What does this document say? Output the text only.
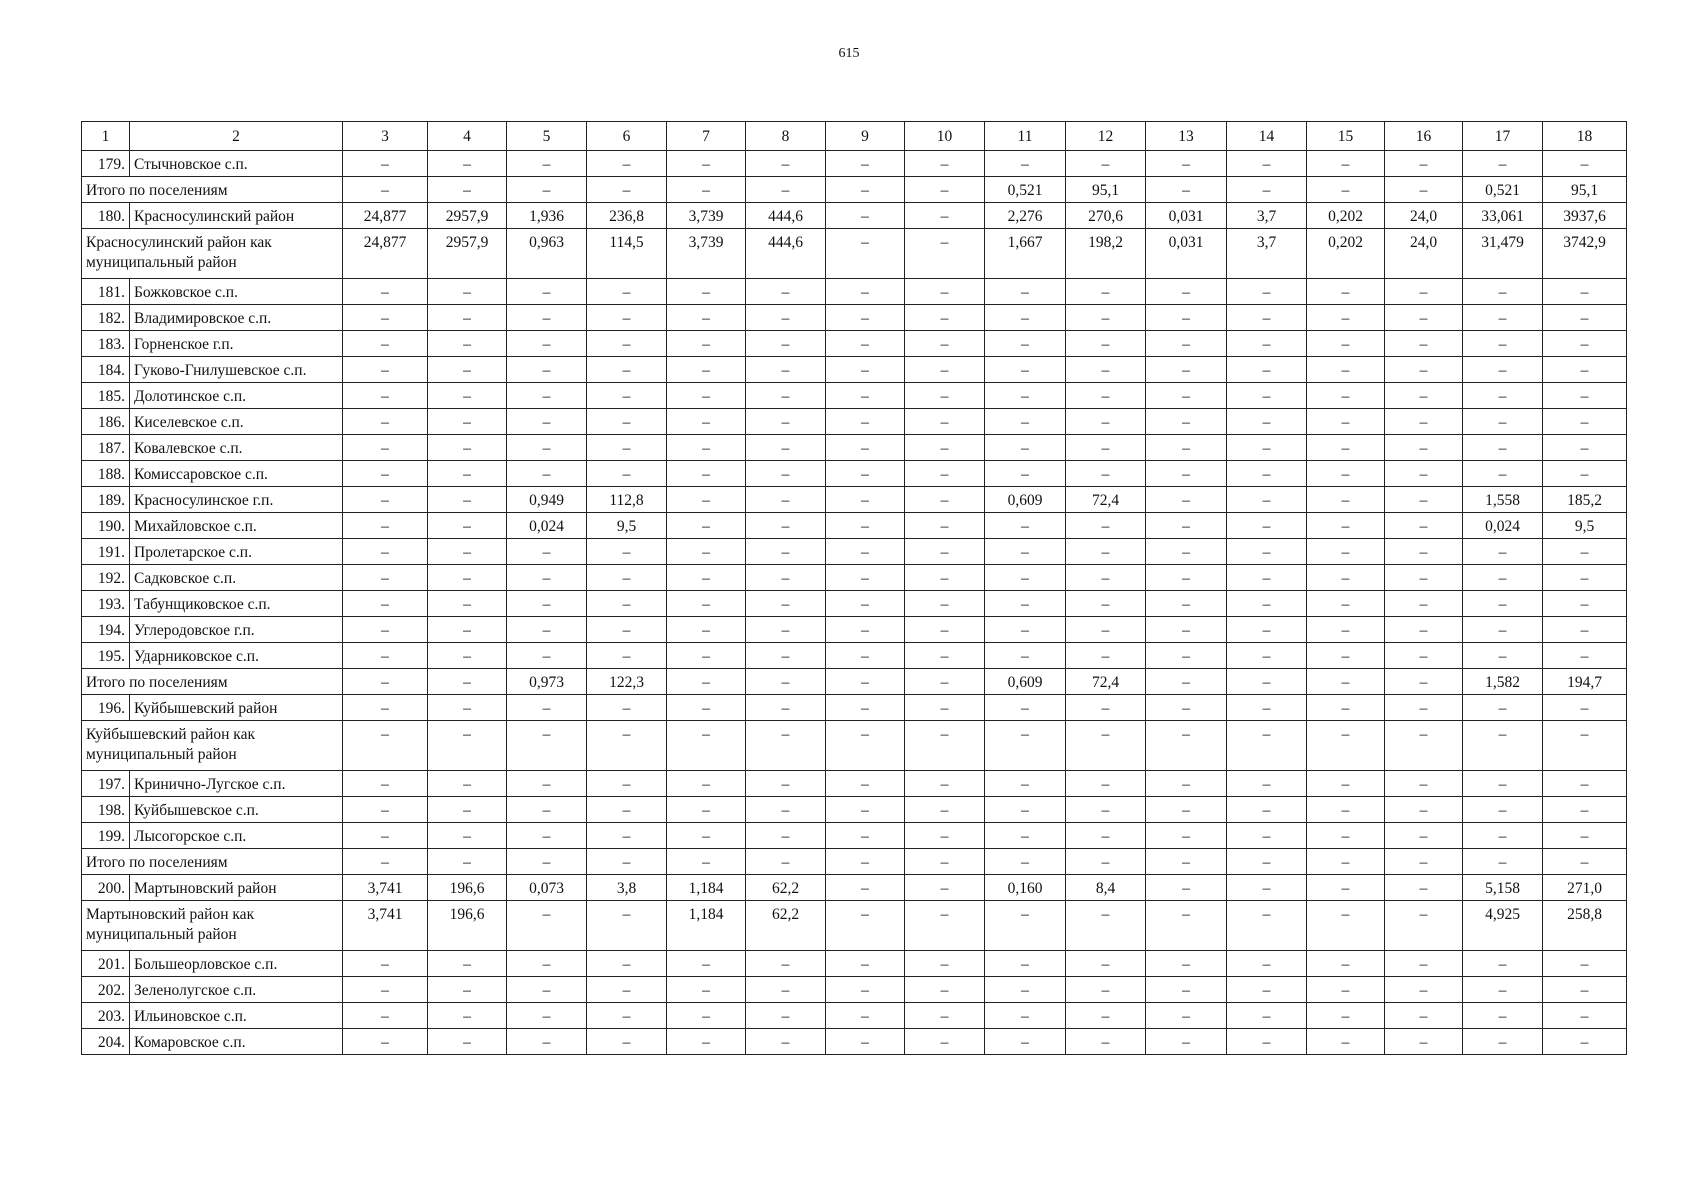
615
1	2	3	4	5	6	7	8	9	10	11	12	13	14	15	16	17	18
179.	Стычновское с.п.	–	–	–	–	–	–	–	–	–	–	–	–	–	–	–	–
Итого по поселениям		–	–	–	–	–	–	–	–	0,521	95,1	–	–	–	–	0,521	95,1
180.	Красносулинский район	24,877	2957,9	1,936	236,8	3,739	444,6	–	–	2,276	270,6	0,031	3,7	0,202	24,0	33,061	3937,6
Красносулинский район как муниципальный район		24,877	2957,9	0,963	114,5	3,739	444,6	–	–	1,667	198,2	0,031	3,7	0,202	24,0	31,479	3742,9
181.	Божковское с.п.	–	–	–	–	–	–	–	–	–	–	–	–	–	–	–	–
182.	Владимировское с.п.	–	–	–	–	–	–	–	–	–	–	–	–	–	–	–	–
183.	Горненское г.п.	–	–	–	–	–	–	–	–	–	–	–	–	–	–	–	–
184.	Гуково-Гнилушевское с.п.	–	–	–	–	–	–	–	–	–	–	–	–	–	–	–	–
185.	Долотинское с.п.	–	–	–	–	–	–	–	–	–	–	–	–	–	–	–	–
186.	Киселевское с.п.	–	–	–	–	–	–	–	–	–	–	–	–	–	–	–	–
187.	Ковалевское с.п.	–	–	–	–	–	–	–	–	–	–	–	–	–	–	–	–
188.	Комиссаровское с.п.	–	–	–	–	–	–	–	–	–	–	–	–	–	–	–	–
189.	Красносулинское г.п.	–	–	0,949	112,8	–	–	–	–	0,609	72,4	–	–	–	–	1,558	185,2
190.	Михайловское с.п.	–	–	0,024	9,5	–	–	–	–	–	–	–	–	–	–	0,024	9,5
191.	Пролетарское с.п.	–	–	–	–	–	–	–	–	–	–	–	–	–	–	–	–
192.	Садковское с.п.	–	–	–	–	–	–	–	–	–	–	–	–	–	–	–	–
193.	Табунщиковское с.п.	–	–	–	–	–	–	–	–	–	–	–	–	–	–	–	–
194.	Углеродовское г.п.	–	–	–	–	–	–	–	–	–	–	–	–	–	–	–	–
195.	Ударниковское с.п.	–	–	–	–	–	–	–	–	–	–	–	–	–	–	–	–
Итого по поселениям		–	–	0,973	122,3	–	–	–	–	0,609	72,4	–	–	–	–	1,582	194,7
196.	Куйбышевский район	–	–	–	–	–	–	–	–	–	–	–	–	–	–	–	–
Куйбышевский район как муниципальный район		–	–	–	–	–	–	–	–	–	–	–	–	–	–	–	–
197.	Кринично-Лугское с.п.	–	–	–	–	–	–	–	–	–	–	–	–	–	–	–	–
198.	Куйбышевское с.п.	–	–	–	–	–	–	–	–	–	–	–	–	–	–	–	–
199.	Лысогорское с.п.	–	–	–	–	–	–	–	–	–	–	–	–	–	–	–	–
Итого по поселениям		–	–	–	–	–	–	–	–	–	–	–	–	–	–	–	–
200.	Мартыновский район	3,741	196,6	0,073	3,8	1,184	62,2	–	–	0,160	8,4	–	–	–	–	5,158	271,0
Мартыновский район как муниципальный район		3,741	196,6	–	–	1,184	62,2	–	–	–	–	–	–	–	–	4,925	258,8
201.	Большеорловское с.п.	–	–	–	–	–	–	–	–	–	–	–	–	–	–	–	–
202.	Зеленолугское с.п.	–	–	–	–	–	–	–	–	–	–	–	–	–	–	–	–
203.	Ильиновское с.п.	–	–	–	–	–	–	–	–	–	–	–	–	–	–	–	–
204.	Комаровское с.п.	–	–	–	–	–	–	–	–	–	–	–	–	–	–	–	–
